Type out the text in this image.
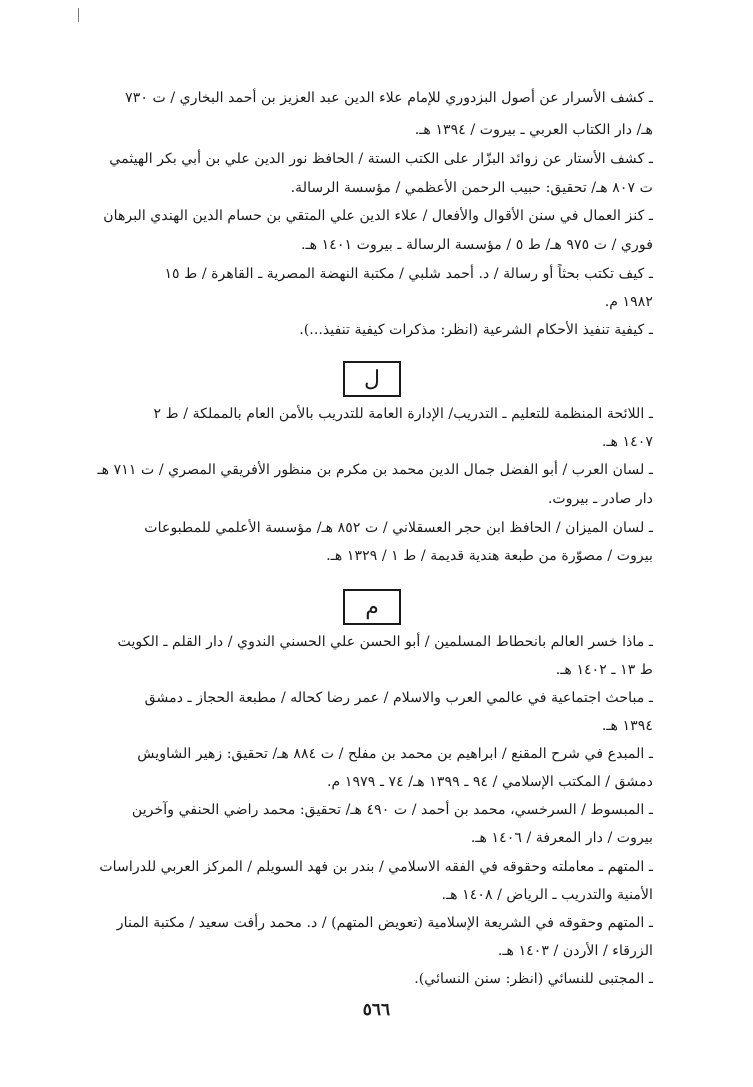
ـ كشف الأسرار عن أصول البزدوري للإمام علاء الدين عبد العزيز بن أحمد البخاري / ت ٧٣٠
هـ/ دار الكتاب العربي ـ بيروت / ١٣٩٤ هـ.
ـ كشف الأستار عن زوائد البزّار على الكتب الستة / الحافظ نور الدين علي بن أبي بكر الهيثمي
ت ٨٠٧ هـ/ تحقيق: حبيب الرحمن الأعظمي / مؤسسة الرسالة.
ـ كنز العمال في سنن الأقوال والأفعال / علاء الدين علي المتقي بن حسام الدين الهندي البرهان
فوري / ت ٩٧٥ هـ/ ط ٥ / مؤسسة الرسالة ـ بيروت ١٤٠١ هـ.
ـ كيف تكتب بحثاً أو رسالة / د. أحمد شلبي / مكتبة النهضة المصرية ـ القاهرة / ط ١٥
١٩٨٢ م.
ـ كيفية تنفيذ الأحكام الشرعية (انظر: مذكرات كيفية تنفيذ...).
ل
ـ اللائحة المنظمة للتعليم ـ التدريب/ الإدارة العامة للتدريب بالأمن العام بالمملكة / ط ٢
١٤٠٧ هـ.
ـ لسان العرب / أبو الفضل جمال الدين محمد بن مكرم بن منظور الأفريقي المصري / ت ٧١١ هـ
دار صادر ـ بيروت.
ـ لسان الميزان / الحافظ ابن حجر العسقلاني / ت ٨٥٢ هـ/ مؤسسة الأعلمي للمطبوعات
بيروت / مصوّرة من طبعة هندية قديمة / ط ١ / ١٣٢٩ هـ.
م
ـ ماذا خسر العالم بانحطاط المسلمين / أبو الحسن علي الحسني الندوي / دار القلم ـ الكويت
ط ١٣ ـ ١٤٠٢ هـ.
ـ مباحث اجتماعية في عالمي العرب والاسلام / عمر رضا كحاله / مطبعة الحجاز ـ دمشق
١٣٩٤ هـ.
ـ المبدع في شرح المقنع / ابراهيم بن محمد بن مفلح / ت ٨٨٤ هـ/ تحقيق: زهير الشاويش
دمشق / المكتب الإسلامي / ٩٤ ـ ١٣٩٩ هـ/ ٧٤ ـ ١٩٧٩ م.
ـ المبسوط / السرخسي، محمد بن أحمد / ت ٤٩٠ هـ/ تحقيق: محمد راضي الحنفي وآخرين
بيروت / دار المعرفة / ١٤٠٦ هـ.
ـ المتهم ـ معاملته وحقوقه في الفقه الاسلامي / بندر بن فهد السويلم / المركز العربي للدراسات
الأمنية والتدريب ـ الرياض / ١٤٠٨ هـ.
ـ المتهم وحقوقه في الشريعة الإسلامية (تعويض المتهم) / د. محمد رأفت سعيد / مكتبة المنار
الزرقاء / الأردن / ١٤٠٣ هـ.
ـ المجتبى للنسائي (انظر: سنن النسائي).
٥٦٦
